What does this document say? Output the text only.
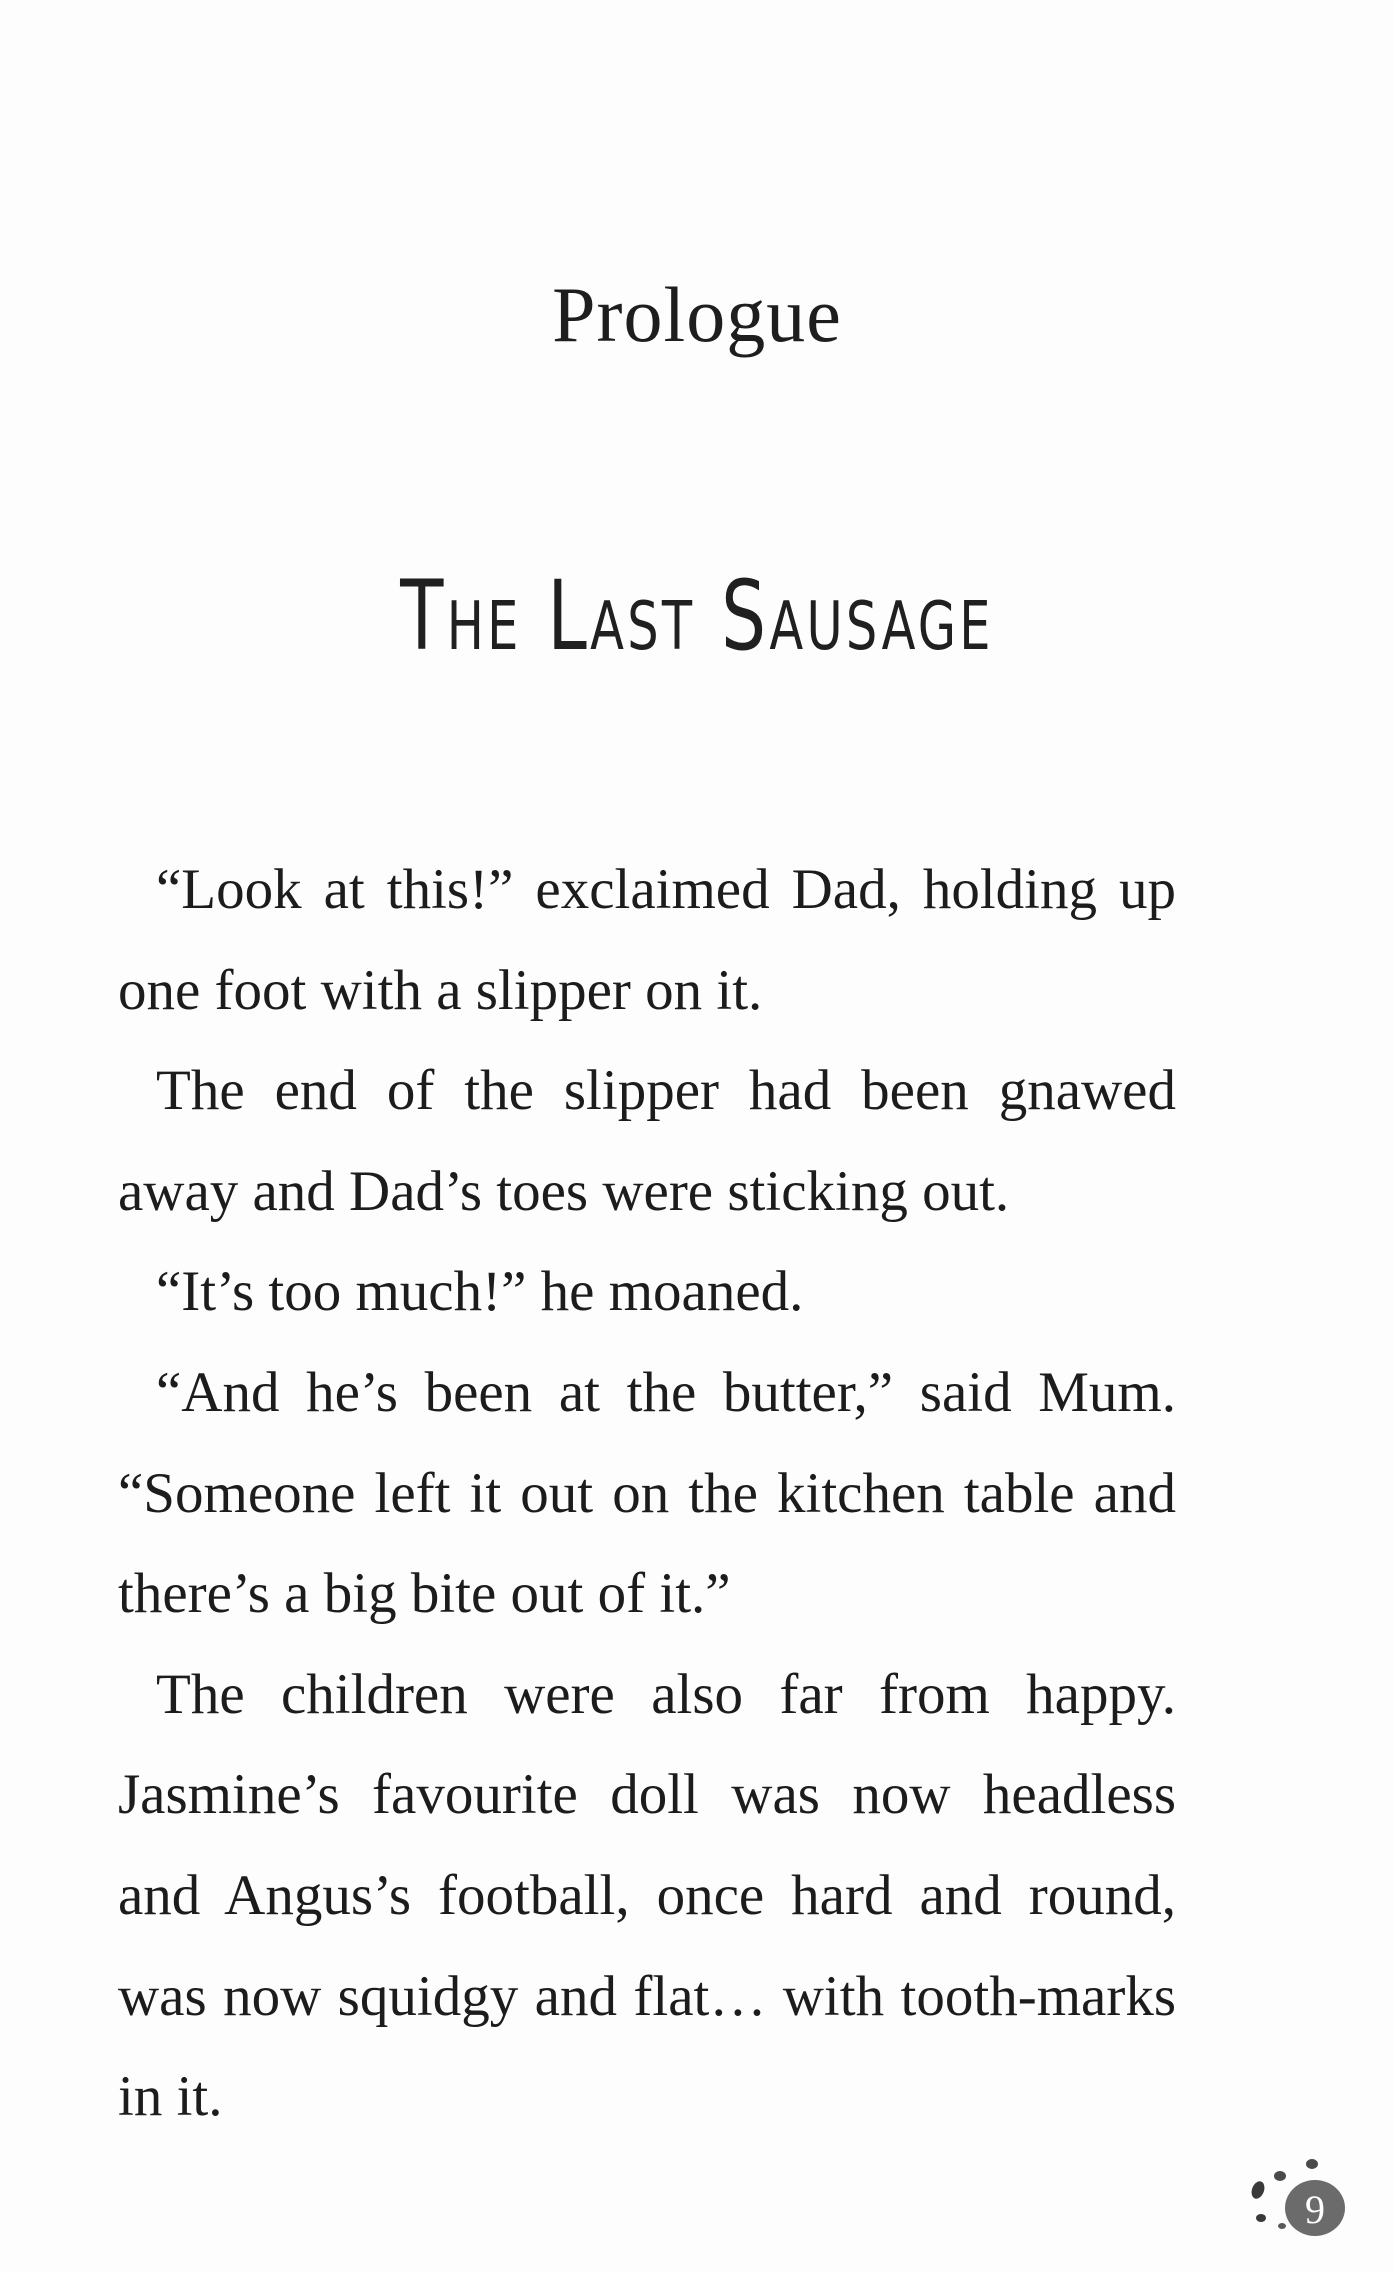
Prologue
The Last Sausage

“Look at this!” exclaimed Dad, holding up one foot with a slipper on it.

The end of the slipper had been gnawed away and Dad’s toes were sticking out.

“It’s too much!” he moaned.

“And he’s been at the butter,” said Mum. “Someone left it out on the kitchen table and there’s a big bite out of it.”

The children were also far from happy. Jasmine’s favourite doll was now headless and Angus’s football, once hard and round, was now squidgy and flat… with tooth-marks in it.

9
